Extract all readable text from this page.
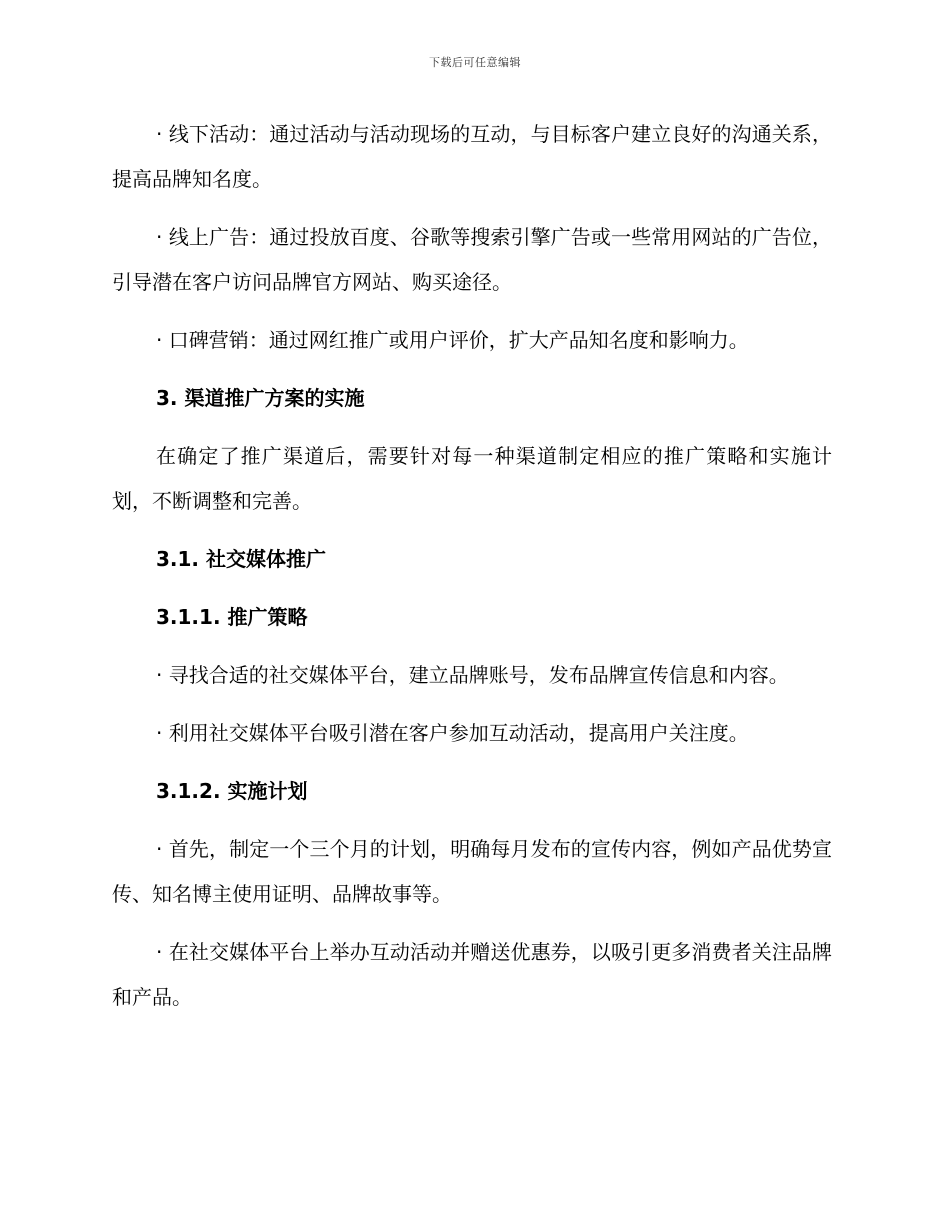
下载后可任意编辑

· 线下活动：通过活动与活动现场的互动，与目标客户建立良好的沟通关系，提高品牌知名度。

· 线上广告：通过投放百度、谷歌等搜索引擎广告或一些常用网站的广告位，引导潜在客户访问品牌官方网站、购买途径。

· 口碑营销：通过网红推广或用户评价，扩大产品知名度和影响力。

3. 渠道推广方案的实施

在确定了推广渠道后，需要针对每一种渠道制定相应的推广策略和实施计划，不断调整和完善。

3.1. 社交媒体推广
3.1.1. 推广策略

· 寻找合适的社交媒体平台，建立品牌账号，发布品牌宣传信息和内容。

· 利用社交媒体平台吸引潜在客户参加互动活动，提高用户关注度。

3.1.2. 实施计划

· 首先，制定一个三个月的计划，明确每月发布的宣传内容，例如产品优势宣传、知名博主使用证明、品牌故事等。

· 在社交媒体平台上举办互动活动并赠送优惠券，以吸引更多消费者关注品牌和产品。
